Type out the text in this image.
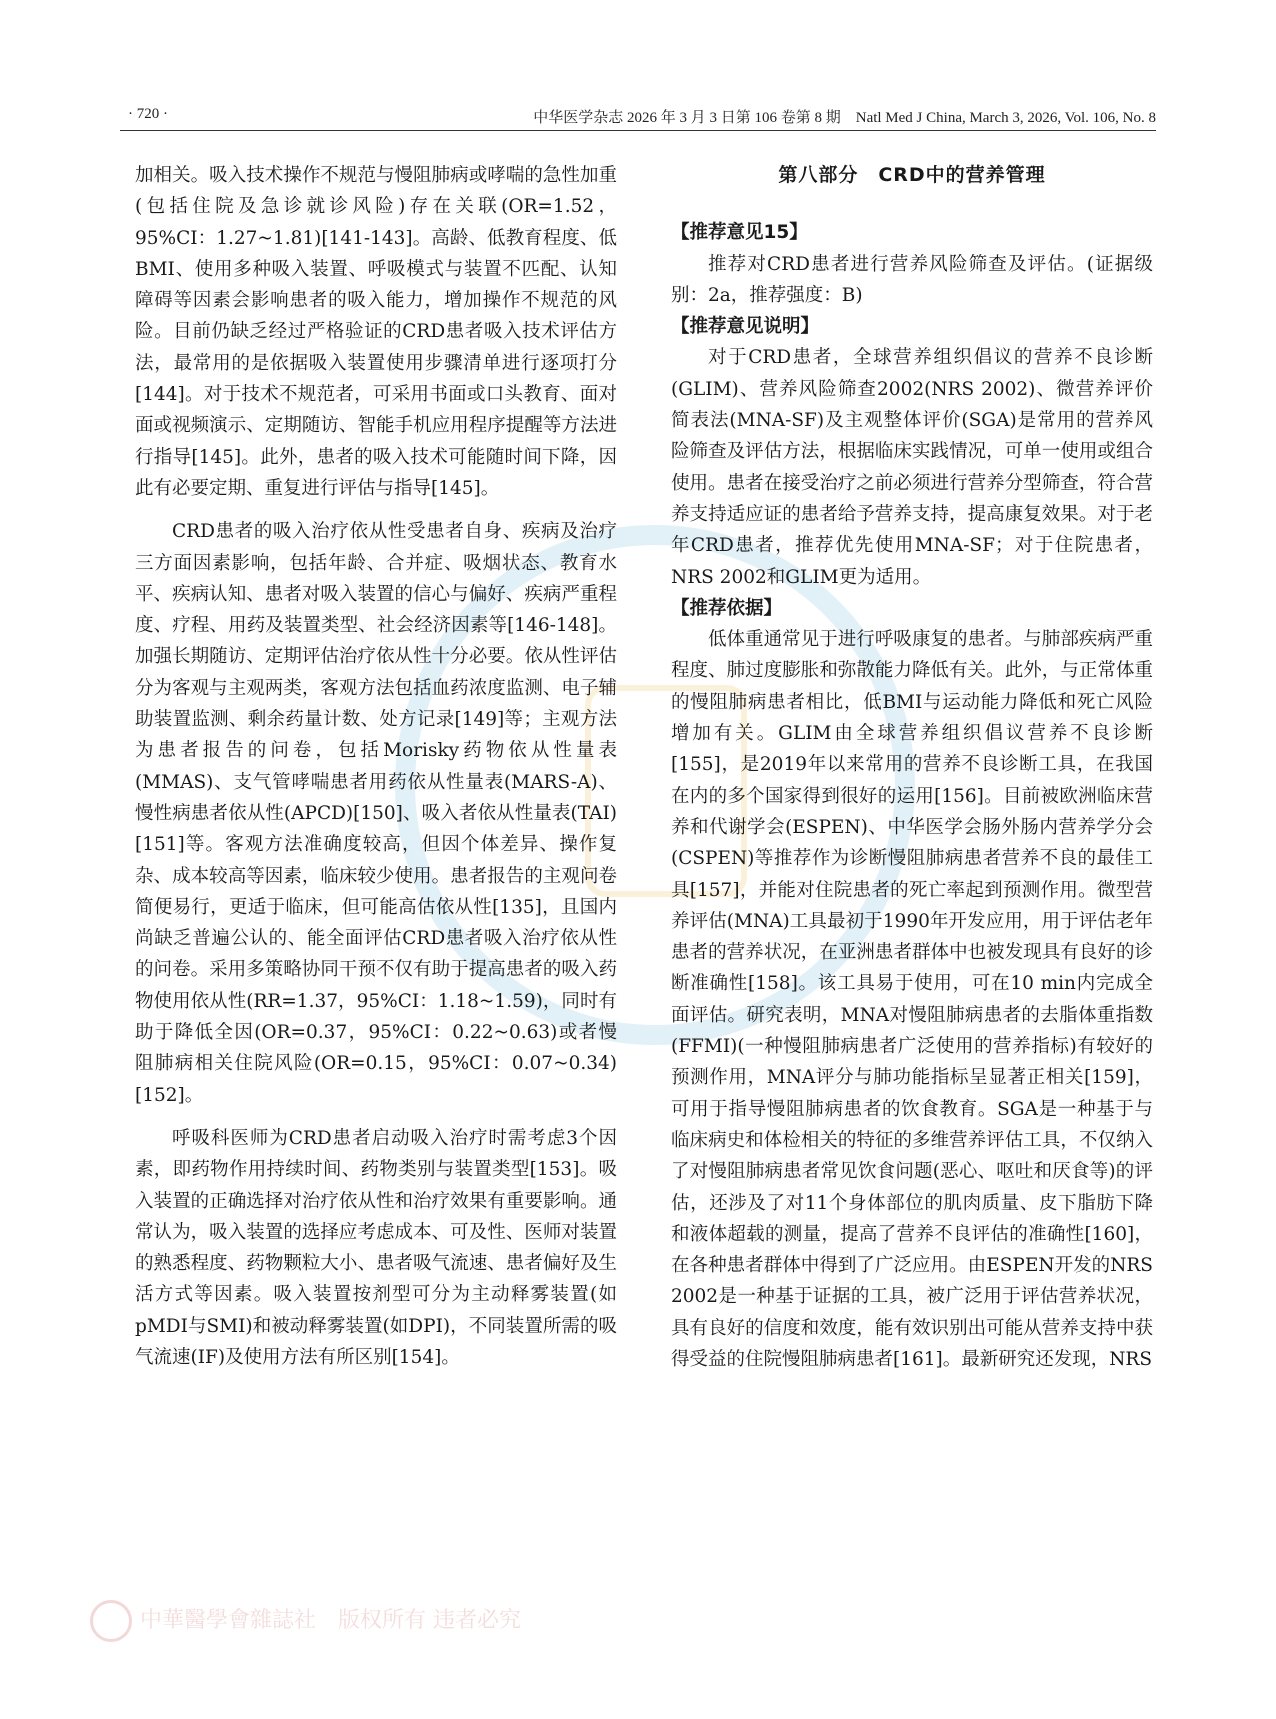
· 720 ·	中华医学杂志 2026 年 3 月 3 日第 106 卷第 8 期　Natl Med J China, March 3, 2026, Vol. 106, No. 8

加相关。吸入技术操作不规范与慢阻肺病或哮喘的急性加重(包括住院及急诊就诊风险)存在关联(OR=1.52，95%CI：1.27~1.81)[141-143]。高龄、低教育程度、低BMI、使用多种吸入装置、呼吸模式与装置不匹配、认知障碍等因素会影响患者的吸入能力，增加操作不规范的风险。目前仍缺乏经过严格验证的CRD患者吸入技术评估方法，最常用的是依据吸入装置使用步骤清单进行逐项打分[144]。对于技术不规范者，可采用书面或口头教育、面对面或视频演示、定期随访、智能手机应用程序提醒等方法进行指导[145]。此外，患者的吸入技术可能随时间下降，因此有必要定期、重复进行评估与指导[145]。

CRD患者的吸入治疗依从性受患者自身、疾病及治疗三方面因素影响，包括年龄、合并症、吸烟状态、教育水平、疾病认知、患者对吸入装置的信心与偏好、疾病严重程度、疗程、用药及装置类型、社会经济因素等[146-148]。加强长期随访、定期评估治疗依从性十分必要。依从性评估分为客观与主观两类，客观方法包括血药浓度监测、电子辅助装置监测、剩余药量计数、处方记录[149]等；主观方法为患者报告的问卷，包括Morisky药物依从性量表(MMAS)、支气管哮喘患者用药依从性量表(MARS-A)、慢性病患者依从性(APCD)[150]、吸入者依从性量表(TAI)[151]等。客观方法准确度较高，但因个体差异、操作复杂、成本较高等因素，临床较少使用。患者报告的主观问卷简便易行，更适于临床，但可能高估依从性[135]，且国内尚缺乏普遍公认的、能全面评估CRD患者吸入治疗依从性的问卷。采用多策略协同干预不仅有助于提高患者的吸入药物使用依从性(RR=1.37，95%CI：1.18~1.59)，同时有助于降低全因(OR=0.37，95%CI：0.22~0.63)或者慢阻肺病相关住院风险(OR=0.15，95%CI：0.07~0.34)[152]。

呼吸科医师为CRD患者启动吸入治疗时需考虑3个因素，即药物作用持续时间、药物类别与装置类型[153]。吸入装置的正确选择对治疗依从性和治疗效果有重要影响。通常认为，吸入装置的选择应考虑成本、可及性、医师对装置的熟悉程度、药物颗粒大小、患者吸气流速、患者偏好及生活方式等因素。吸入装置按剂型可分为主动释雾装置(如pMDI与SMI)和被动释雾装置(如DPI)，不同装置所需的吸气流速(IF)及使用方法有所区别[154]。

第八部分　CRD中的营养管理

【推荐意见15】

推荐对CRD患者进行营养风险筛查及评估。(证据级别：2a，推荐强度：B)

【推荐意见说明】

对于CRD患者，全球营养组织倡议的营养不良诊断(GLIM)、营养风险筛查2002(NRS 2002)、微营养评价简表法(MNA-SF)及主观整体评价(SGA)是常用的营养风险筛查及评估方法，根据临床实践情况，可单一使用或组合使用。患者在接受治疗之前必须进行营养分型筛查，符合营养支持适应证的患者给予营养支持，提高康复效果。对于老年CRD患者，推荐优先使用MNA-SF；对于住院患者，NRS 2002和GLIM更为适用。

【推荐依据】

低体重通常见于进行呼吸康复的患者。与肺部疾病严重程度、肺过度膨胀和弥散能力降低有关。此外，与正常体重的慢阻肺病患者相比，低BMI与运动能力降低和死亡风险增加有关。GLIM由全球营养组织倡议营养不良诊断[155]，是2019年以来常用的营养不良诊断工具，在我国在内的多个国家得到很好的运用[156]。目前被欧洲临床营养和代谢学会(ESPEN)、中华医学会肠外肠内营养学分会(CSPEN)等推荐作为诊断慢阻肺病患者营养不良的最佳工具[157]，并能对住院患者的死亡率起到预测作用。微型营养评估(MNA)工具最初于1990年开发应用，用于评估老年患者的营养状况，在亚洲患者群体中也被发现具有良好的诊断准确性[158]。该工具易于使用，可在10 min内完成全面评估。研究表明，MNA对慢阻肺病患者的去脂体重指数(FFMI)(一种慢阻肺病患者广泛使用的营养指标)有较好的预测作用，MNA评分与肺功能指标呈显著正相关[159]，可用于指导慢阻肺病患者的饮食教育。SGA是一种基于与临床病史和体检相关的特征的多维营养评估工具，不仅纳入了对慢阻肺病患者常见饮食问题(恶心、呕吐和厌食等)的评估，还涉及了对11个身体部位的肌肉质量、皮下脂肪下降和液体超载的测量，提高了营养不良评估的准确性[160]，在各种患者群体中得到了广泛应用。由ESPEN开发的NRS 2002是一种基于证据的工具，被广泛用于评估营养状况，具有良好的信度和效度，能有效识别出可能从营养支持中获得受益的住院慢阻肺病患者[161]。最新研究还发现，NRS

中華醫學會雜誌社　版权所有 违者必究
